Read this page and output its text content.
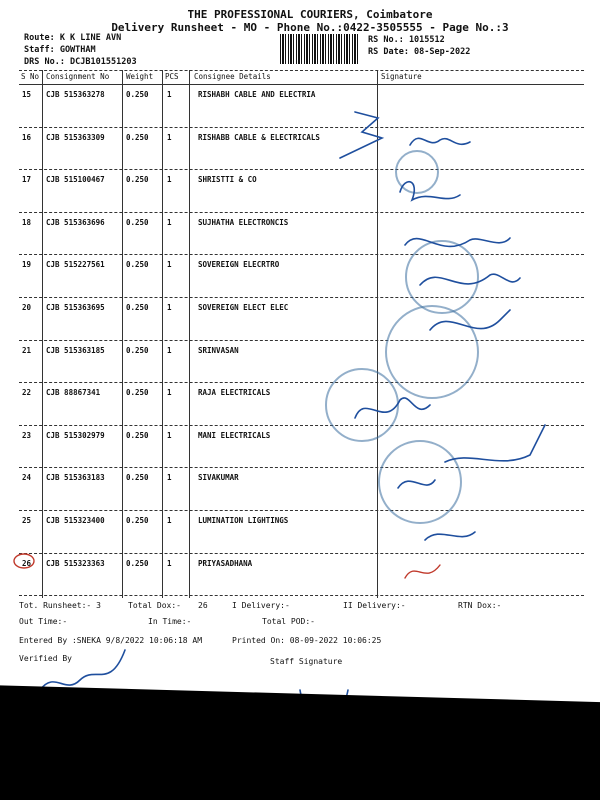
THE PROFESSIONAL COURIERS, Coimbatore
Delivery Runsheet - MO - Phone No.:0422-3505555 - Page No.:3
Route: K K LINE AVN
Staff: GOWTHAM
DRS No.: DCJB101551203
RS No.: 1015512
RS Date: 08-Sep-2022
S No Consignment No Weight PCS Consignee Details	Signature
15 CJB 515363278	0.250 1	RISHABH CABLE AND ELECTRIA
16 CJB 515363309	0.250 1	RISHABB CABLE & ELECTRICALS
17 CJB 515100467	0.250 1	SHRISTTI & CO
18 CJB 515363696	0.250 1	SUJHATHA ELECTRONCIS
19 CJB 515227561	0.250 1	SOVEREIGN ELECRTRO
20 CJB 515363695	0.250 1	SOVEREIGN ELECT ELEC
21 CJB 515363185	0.250 1	SRINVASAN
22 CJB 88867341	0.250 1	RAJA ELECTRICALS
23 CJB 515302979	0.250 1	MANI ELECTRICALS
24 CJB 515363183	0.250 1	SIVAKUMAR
25 CJB 515323400	0.250 1	LUMINATION LIGHTINGS
26 CJB 515323363	0.250 1	PRIYASADHANA
Tot. Runsheet:- 3	Total Dox:- 26	I Delivery:-	II Delivery:-	RTN Dox:-
Out Time:-	In Time:-	Total POD:-
Entered By :SNEKA 9/8/2022 10:06:18 AM	Printed On: 08-09-2022 10:06:25
Verified By	Staff Signature
